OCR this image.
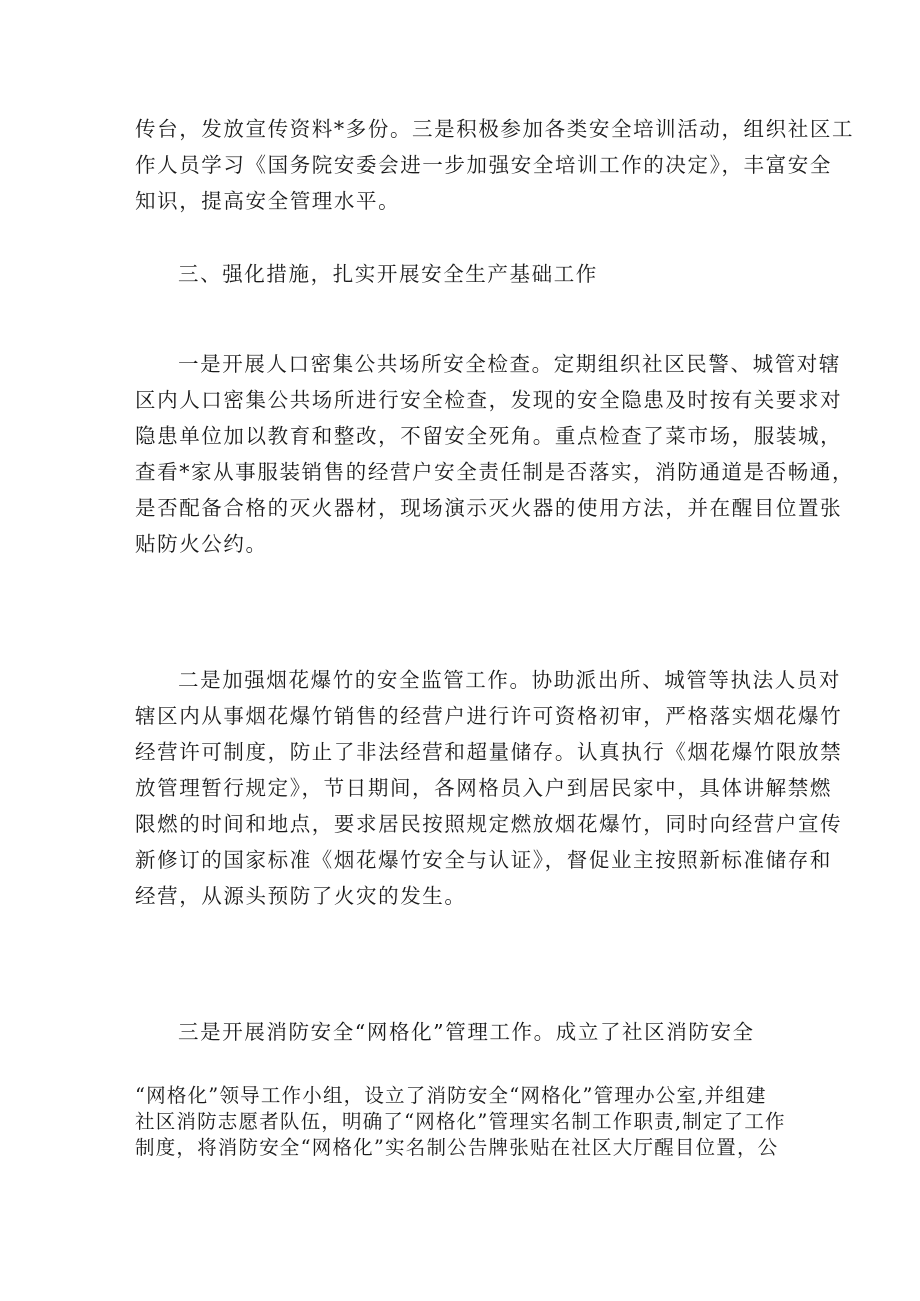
传台，发放宣传资料*多份。三是积极参加各类安全培训活动，组织社区工
作人员学习《国务院安委会进一步加强安全培训工作的决定》，丰富安全
知识，提高安全管理水平。
三、强化措施，扎实开展安全生产基础工作
一是开展人口密集公共场所安全检查。定期组织社区民警、城管对辖
区内人口密集公共场所进行安全检查，发现的安全隐患及时按有关要求对
隐患单位加以教育和整改，不留安全死角。重点检查了菜市场，服装城，
查看*家从事服装销售的经营户安全责任制是否落实，消防通道是否畅通，
是否配备合格的灭火器材，现场演示灭火器的使用方法，并在醒目位置张
贴防火公约。
二是加强烟花爆竹的安全监管工作。协助派出所、城管等执法人员对
辖区内从事烟花爆竹销售的经营户进行许可资格初审，严格落实烟花爆竹
经营许可制度，防止了非法经营和超量储存。认真执行《烟花爆竹限放禁
放管理暂行规定》，节日期间，各网格员入户到居民家中，具体讲解禁燃
限燃的时间和地点，要求居民按照规定燃放烟花爆竹，同时向经营户宣传
新修订的国家标准《烟花爆竹安全与认证》，督促业主按照新标准储存和
经营，从源头预防了火灾的发生。
三是开展消防安全“网格化”管理工作。成立了社区消防安全
“网格化”领导工作小组，设立了消防安全“网格化”管理办公室,并组建
社区消防志愿者队伍，明确了“网格化”管理实名制工作职责,制定了工作
制度，将消防安全“网格化”实名制公告牌张贴在社区大厅醒目位置，公
